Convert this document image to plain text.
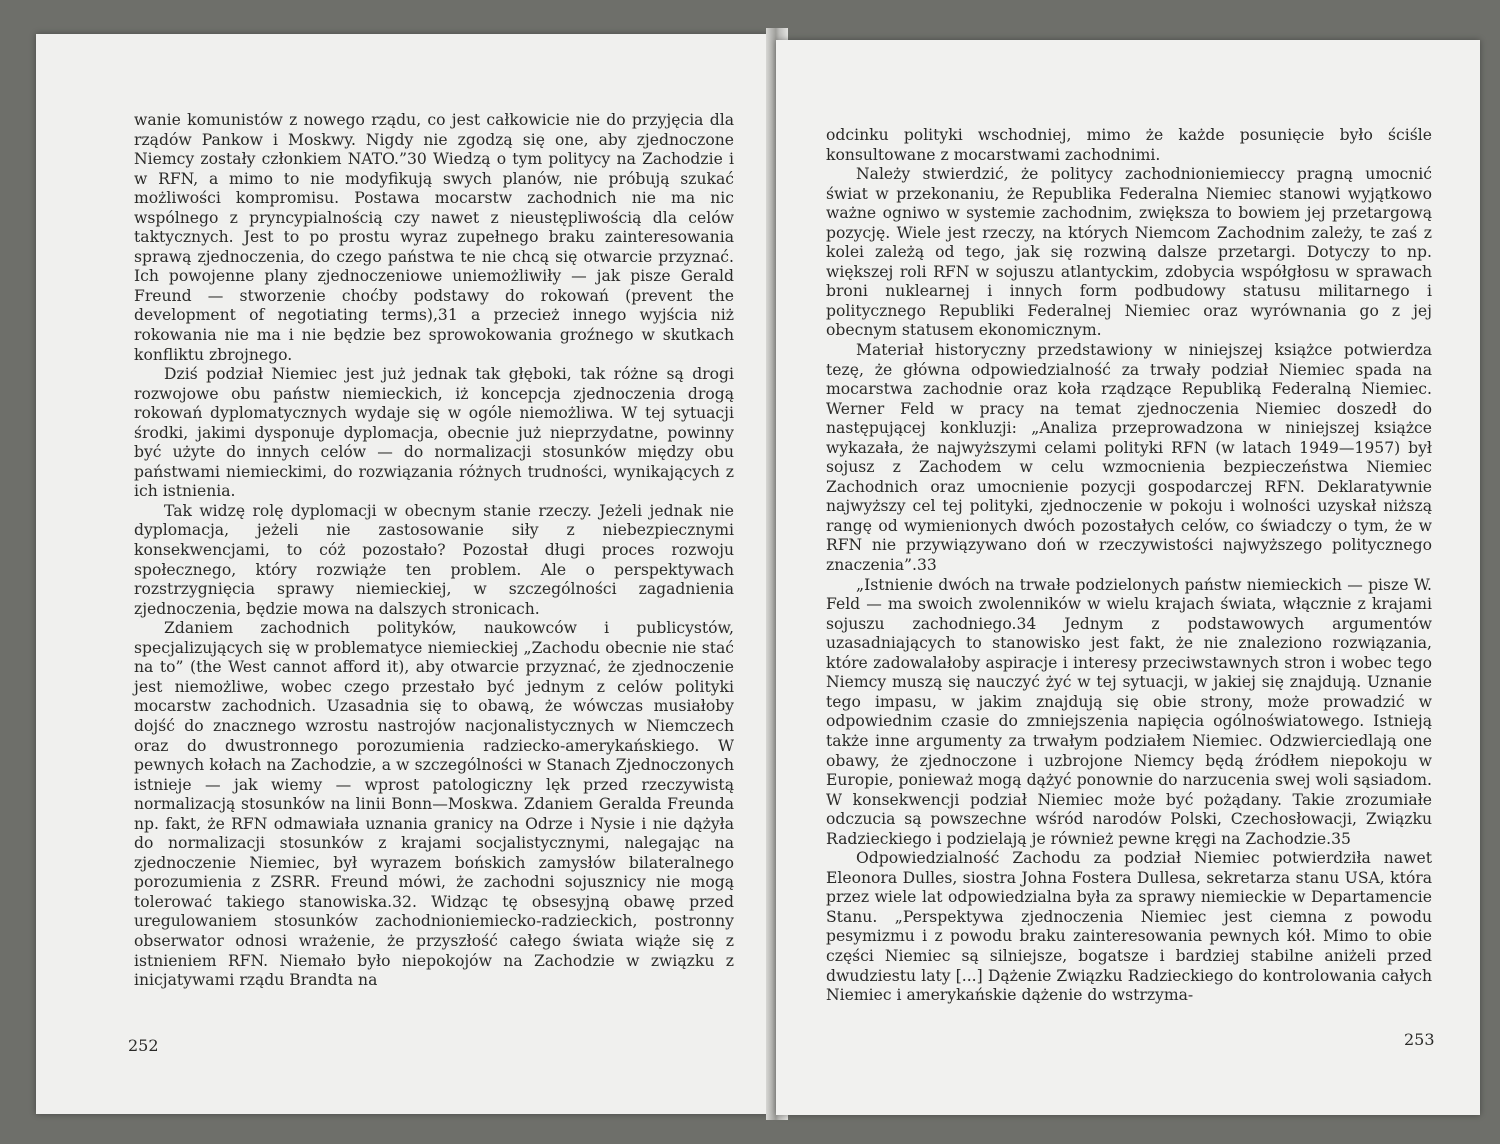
wanie komunistów z nowego rządu, co jest całkowicie nie do przyjęcia dla rządów Pankow i Moskwy. Nigdy nie zgodzą się one, aby zjednoczone Niemcy zostały członkiem NATO.”30 Wiedzą o tym politycy na Zachodzie i w RFN, a mimo to nie modyfikują swych planów, nie próbują szukać możliwości kompromisu. Postawa mocarstw zachodnich nie ma nic wspólnego z pryncypialnością czy nawet z nieustępliwością dla celów taktycznych. Jest to po prostu wyraz zupełnego braku zainteresowania sprawą zjednoczenia, do czego państwa te nie chcą się otwarcie przyznać. Ich powojenne plany zjednoczeniowe uniemożliwiły — jak pisze Gerald Freund — stworzenie choćby podstawy do rokowań (prevent the development of negotiating terms),31 a przecież innego wyjścia niż rokowania nie ma i nie będzie bez sprowokowania groźnego w skutkach konfliktu zbrojnego.

Dziś podział Niemiec jest już jednak tak głęboki, tak różne są drogi rozwojowe obu państw niemieckich, iż koncepcja zjednoczenia drogą rokowań dyplomatycznych wydaje się w ogóle niemożliwa. W tej sytuacji środki, jakimi dysponuje dyplomacja, obecnie już nieprzydatne, powinny być użyte do innych celów — do normalizacji stosunków między obu państwami niemieckimi, do rozwiązania różnych trudności, wynikających z ich istnienia.

Tak widzę rolę dyplomacji w obecnym stanie rzeczy. Jeżeli jednak nie dyplomacja, jeżeli nie zastosowanie siły z niebezpiecznymi konsekwencjami, to cóż pozostało? Pozostał długi proces rozwoju społecznego, który rozwiąże ten problem. Ale o perspektywach rozstrzygnięcia sprawy niemieckiej, w szczególności zagadnienia zjednoczenia, będzie mowa na dalszych stronicach.

Zdaniem zachodnich polityków, naukowców i publicystów, specjalizujących się w problematyce niemieckiej „Zachodu obecnie nie stać na to” (the West cannot afford it), aby otwarcie przyznać, że zjednoczenie jest niemożliwe, wobec czego przestało być jednym z celów polityki mocarstw zachodnich. Uzasadnia się to obawą, że wówczas musiałoby dojść do znacznego wzrostu nastrojów nacjonalistycznych w Niemczech oraz do dwustronnego porozumienia radziecko-amerykańskiego. W pewnych kołach na Zachodzie, a w szczególności w Stanach Zjednoczonych istnieje — jak wiemy — wprost patologiczny lęk przed rzeczywistą normalizacją stosunków na linii Bonn—Moskwa. Zdaniem Geralda Freunda np. fakt, że RFN odmawiała uznania granicy na Odrze i Nysie i nie dążyła do normalizacji stosunków z krajami socjalistycznymi, nalegając na zjednoczenie Niemiec, był wyrazem bońskich zamysłów bilateralnego porozumienia z ZSRR. Freund mówi, że zachodni sojusznicy nie mogą tolerować takiego stanowiska.32. Widząc tę obsesyjną obawę przed uregulowaniem stosunków zachodnioniemiecko-radzieckich, postronny obserwator odnosi wrażenie, że przyszłość całego świata wiąże się z istnieniem RFN. Niemało było niepokojów na Zachodzie w związku z inicjatywami rządu Brandta na

252

odcinku polityki wschodniej, mimo że każde posunięcie było ściśle konsultowane z mocarstwami zachodnimi.

Należy stwierdzić, że politycy zachodnioniemieccy pragną umocnić świat w przekonaniu, że Republika Federalna Niemiec stanowi wyjątkowo ważne ogniwo w systemie zachodnim, zwiększa to bowiem jej przetargową pozycję. Wiele jest rzeczy, na których Niemcom Zachodnim zależy, te zaś z kolei zależą od tego, jak się rozwiną dalsze przetargi. Dotyczy to np. większej roli RFN w sojuszu atlantyckim, zdobycia współgłosu w sprawach broni nuklearnej i innych form podbudowy statusu militarnego i politycznego Republiki Federalnej Niemiec oraz wyrównania go z jej obecnym statusem ekonomicznym.

Materiał historyczny przedstawiony w niniejszej książce potwierdza tezę, że główna odpowiedzialność za trwały podział Niemiec spada na mocarstwa zachodnie oraz koła rządzące Republiką Federalną Niemiec. Werner Feld w pracy na temat zjednoczenia Niemiec doszedł do następującej konkluzji: „Analiza przeprowadzona w niniejszej książce wykazała, że najwyższymi celami polityki RFN (w latach 1949—1957) był sojusz z Zachodem w celu wzmocnienia bezpieczeństwa Niemiec Zachodnich oraz umocnienie pozycji gospodarczej RFN. Deklaratywnie najwyższy cel tej polityki, zjednoczenie w pokoju i wolności uzyskał niższą rangę od wymienionych dwóch pozostałych celów, co świadczy o tym, że w RFN nie przywiązywano doń w rzeczywistości najwyższego politycznego znaczenia”.33

„Istnienie dwóch na trwałe podzielonych państw niemieckich — pisze W. Feld — ma swoich zwolenników w wielu krajach świata, włącznie z krajami sojuszu zachodniego.34 Jednym z podstawowych argumentów uzasadniających to stanowisko jest fakt, że nie znaleziono rozwiązania, które zadowalałoby aspiracje i interesy przeciwstawnych stron i wobec tego Niemcy muszą się nauczyć żyć w tej sytuacji, w jakiej się znajdują. Uznanie tego impasu, w jakim znajdują się obie strony, może prowadzić w odpowiednim czasie do zmniejszenia napięcia ogólnoświatowego. Istnieją także inne argumenty za trwałym podziałem Niemiec. Odzwierciedlają one obawy, że zjednoczone i uzbrojone Niemcy będą źródłem niepokoju w Europie, ponieważ mogą dążyć ponownie do narzucenia swej woli sąsiadom. W konsekwencji podział Niemiec może być pożądany. Takie zrozumiałe odczucia są powszechne wśród narodów Polski, Czechosłowacji, Związku Radzieckiego i podzielają je również pewne kręgi na Zachodzie.35

Odpowiedzialność Zachodu za podział Niemiec potwierdziła nawet Eleonora Dulles, siostra Johna Fostera Dullesa, sekretarza stanu USA, która przez wiele lat odpowiedzialna była za sprawy niemieckie w Departamencie Stanu. „Perspektywa zjednoczenia Niemiec jest ciemna z powodu pesymizmu i z powodu braku zainteresowania pewnych kół. Mimo to obie części Niemiec są silniejsze, bogatsze i bardziej stabilne aniżeli przed dwudziestu laty [...] Dążenie Związku Radzieckiego do kontrolowania całych Niemiec i amerykańskie dążenie do wstrzyma-

253
